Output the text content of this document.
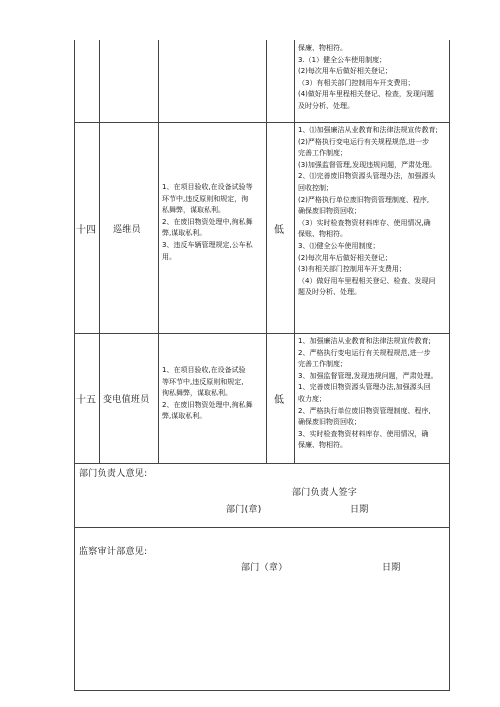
保廉、物相符。
3.（1）健全公车使用制度；
(2)每次用车后做好相关登记；
（3）有相关部门控制用车开支费用；
(4)做好用车里程相关登记、检查，发现问题
及时分析、处理。
十四 巡维员
1、在项目验收,在设备试验等
环节中,违反原则和规定，徇
私舞弊，谋取私利。
2、在废旧物资处理中,徇私舞
弊,谋取私利。
3、违反车辆管理规定,公车私
用。
低
1、⑴加强廉洁从业教育和法律法规宣传教育;
(2)严格执行变电运行有关规程规范,进一步
完善工作制度；
(3)加强监督管理,发现违规问题，严肃处理。
2、⑴完善废旧物资源头管理办法，加强源头
回收控制；
(2)严格执行单位废旧物资管理制度、程序,
确保废旧物资回收；
（3）实时检查物资材料库存、使用情况,确
保账、物相符。
3、⑴健全公车使用制度；
(2)每次用车后做好相关登记；
(3)有相关部门控制用车开支费用；
（4）做好用车里程相关登记、检查、发现问
题及时分析、处理。
十五 变电值班员
1、在项目验收,在设备试验
等环节中,违反原则和规定,
徇私舞弊，谋取私利。
2、在废旧物资处理中,徇私舞
弊,谋取私利。
低
1、加强廉洁从业教育和法律法规宣传教育;
2、严格执行变电运行有关规程规范,进一步
完善工作制度；
3、加强监督管理,发现违规问题，严肃处理。
1、完善废旧物资源头管理办法,加强源头回
收力度；
2、严格执行单位废旧物资管理制度、程序,
确保废旧物资回收；
3、实时检查物资材料库存、使用情况，确
保廉、物相符。
部门负责人意见:
部门负责人签字
部门(章)	日期
监察审计部意见:
部门（章）	日期
